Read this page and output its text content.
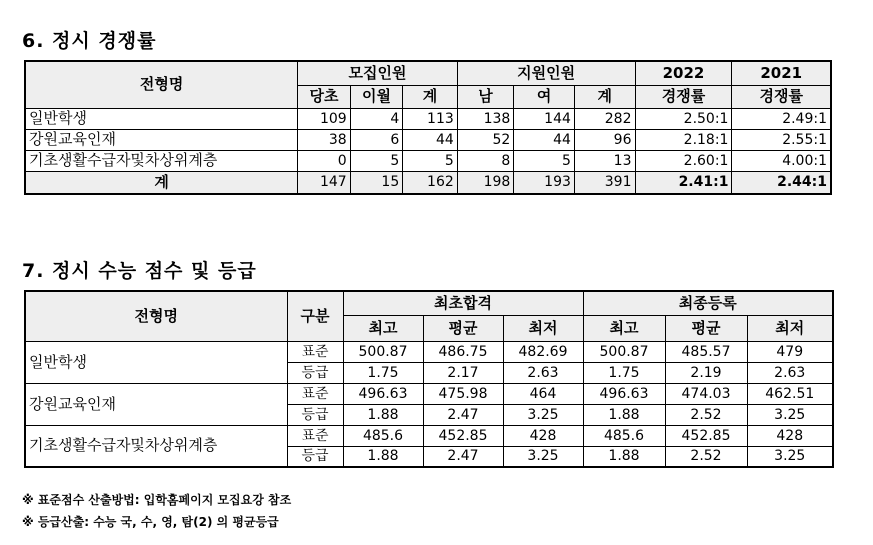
6. 정시 경쟁률
전형명	모집인원			지원인원			2022	2021
	당초	이월	계	남	여	계	경쟁률	경쟁률
일반학생	109	4	113	138	144	282	2.50:1	2.49:1
강원교육인재	38	6	44	52	44	96	2.18:1	2.55:1
기초생활수급자및차상위계층	0	5	5	8	5	13	2.60:1	4.00:1
계	147	15	162	198	193	391	2.41:1	2.44:1
7. 정시 수능 점수 및 등급
전형명	구분	최초합격			최종등록		
		최고	평균	최저	최고	평균	최저
일반학생	표준	500.87	486.75	482.69	500.87	485.57	479
	등급	1.75	2.17	2.63	1.75	2.19	2.63
강원교육인재	표준	496.63	475.98	464	496.63	474.03	462.51
	등급	1.88	2.47	3.25	1.88	2.52	3.25
기초생활수급자및차상위계층	표준	485.6	452.85	428	485.6	452.85	428
	등급	1.88	2.47	3.25	1.88	2.52	3.25
※ 표준점수 산출방법: 입학홈페이지 모집요강 참조
※ 등급산출: 수능 국, 수, 영, 탐(2) 의 평균등급
